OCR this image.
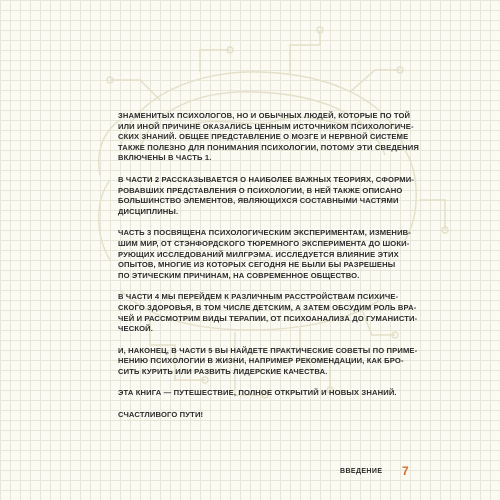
ЗНАМЕНИТЫХ ПСИХОЛОГОВ, НО И ОБЫЧНЫХ ЛЮДЕЙ, КОТОРЫЕ ПО ТОЙ
ИЛИ ИНОЙ ПРИЧИНЕ ОКАЗАЛИСЬ ЦЕННЫМ ИСТОЧНИКОМ ПСИХОЛОГИЧЕ-
СКИХ ЗНАНИЙ. ОБЩЕЕ ПРЕДСТАВЛЕНИЕ О МОЗГЕ И НЕРВНОЙ СИСТЕМЕ
ТАКЖЕ ПОЛЕЗНО ДЛЯ ПОНИМАНИЯ ПСИХОЛОГИИ, ПОТОМУ ЭТИ СВЕДЕНИЯ
ВКЛЮЧЕНЫ В ЧАСТЬ 1.

В ЧАСТИ 2 РАССКАЗЫВАЕТСЯ О НАИБОЛЕЕ ВАЖНЫХ ТЕОРИЯХ, СФОРМИ-
РОВАВШИХ ПРЕДСТАВЛЕНИЯ О ПСИХОЛОГИИ, В НЕЙ ТАКЖЕ ОПИСАНО
БОЛЬШИНСТВО ЭЛЕМЕНТОВ, ЯВЛЯЮЩИХСЯ СОСТАВНЫМИ ЧАСТЯМИ
ДИСЦИПЛИНЫ.

ЧАСТЬ 3 ПОСВЯЩЕНА ПСИХОЛОГИЧЕСКИМ ЭКСПЕРИМЕНТАМ, ИЗМЕНИВ-
ШИМ МИР, ОТ СТЭНФОРДСКОГО ТЮРЕМНОГО ЭКСПЕРИМЕНТА ДО ШОКИ-
РУЮЩИХ ИССЛЕДОВАНИЙ МИЛГРЭМА. ИССЛЕДУЕТСЯ ВЛИЯНИЕ ЭТИХ
ОПЫТОВ, МНОГИЕ ИЗ КОТОРЫХ СЕГОДНЯ НЕ БЫЛИ БЫ РАЗРЕШЕНЫ
ПО ЭТИЧЕСКИМ ПРИЧИНАМ, НА СОВРЕМЕННОЕ ОБЩЕСТВО.

В ЧАСТИ 4 МЫ ПЕРЕЙДЕМ К РАЗЛИЧНЫМ РАССТРОЙСТВАМ ПСИХИЧЕ-
СКОГО ЗДОРОВЬЯ, В ТОМ ЧИСЛЕ ДЕТСКИМ, А ЗАТЕМ ОБСУДИМ РОЛЬ ВРА-
ЧЕЙ И РАССМОТРИМ ВИДЫ ТЕРАПИИ, ОТ ПСИХОАНАЛИЗА ДО ГУМАНИСТИ-
ЧЕСКОЙ.

И, НАКОНЕЦ, В ЧАСТИ 5 ВЫ НАЙДЕТЕ ПРАКТИЧЕСКИЕ СОВЕТЫ ПО ПРИМЕ-
НЕНИЮ ПСИХОЛОГИИ В ЖИЗНИ, НАПРИМЕР РЕКОМЕНДАЦИИ, КАК БРО-
СИТЬ КУРИТЬ ИЛИ РАЗВИТЬ ЛИДЕРСКИЕ КАЧЕСТВА.

ЭТА КНИГА — ПУТЕШЕСТВИЕ, ПОЛНОЕ ОТКРЫТИЙ И НОВЫХ ЗНАНИЙ.

СЧАСТЛИВОГО ПУТИ!

ВВЕДЕНИЕ 7
